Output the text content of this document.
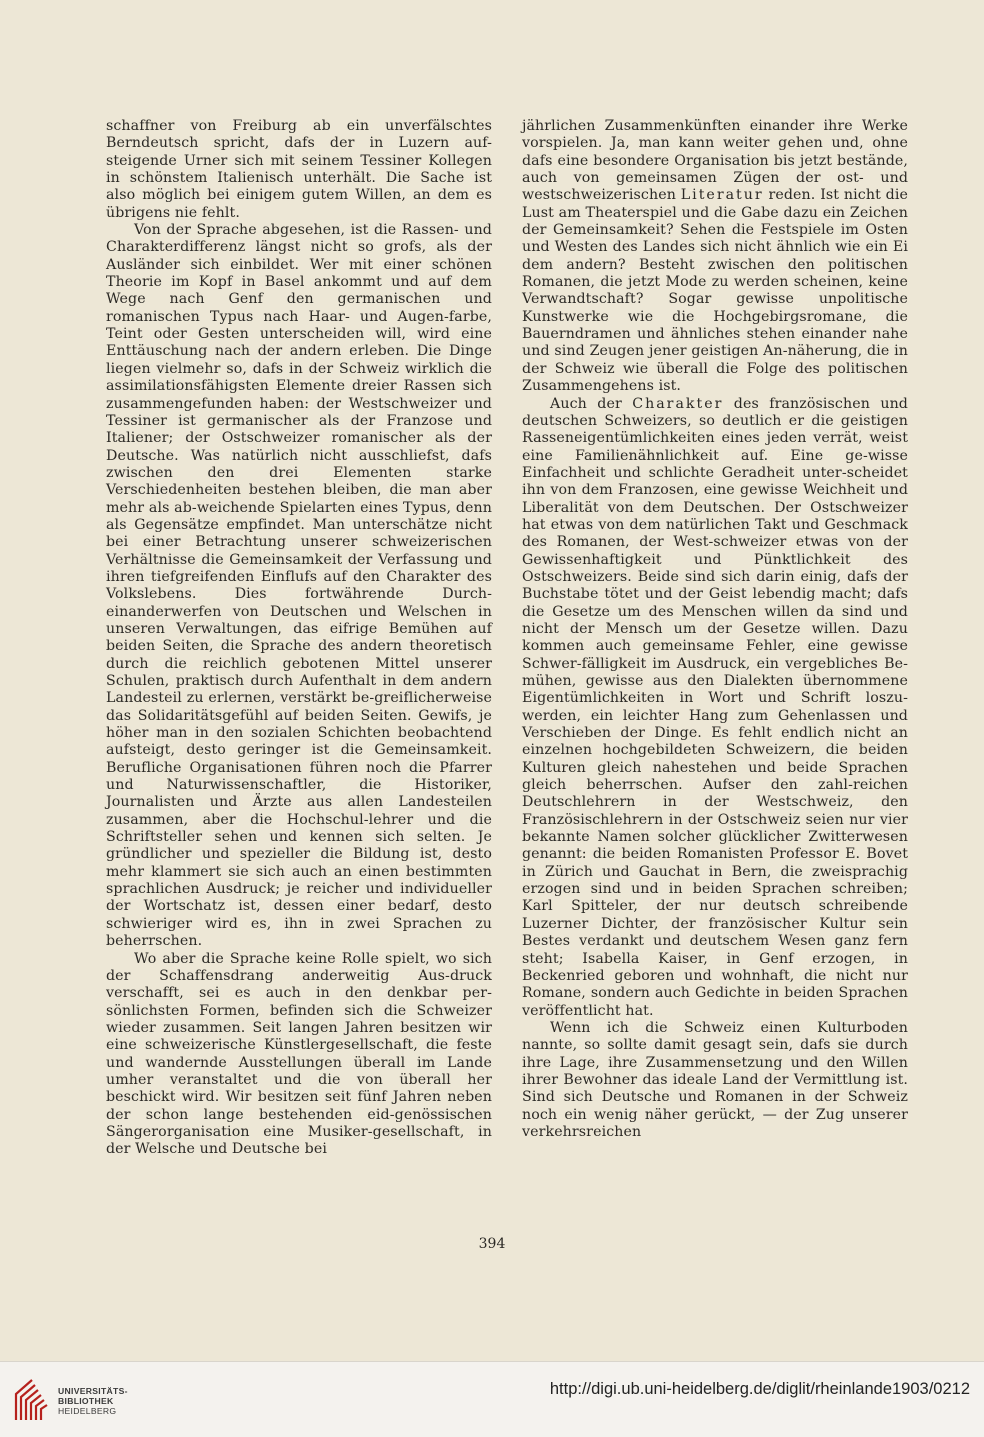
schaffner von Freiburg ab ein unverfälschtes Berndeutsch spricht, dafs der in Luzern auf-steigende Urner sich mit seinem Tessiner Kollegen in schönstem Italienisch unterhält. Die Sache ist also möglich bei einigem gutem Willen, an dem es übrigens nie fehlt.

Von der Sprache abgesehen, ist die Rassen- und Charakterdifferenz längst nicht so grofs, als der Ausländer sich einbildet. Wer mit einer schönen Theorie im Kopf in Basel ankommt und auf dem Wege nach Genf den germanischen und romanischen Typus nach Haar- und Augen-farbe, Teint oder Gesten unterscheiden will, wird eine Enttäuschung nach der andern erleben. Die Dinge liegen vielmehr so, dafs in der Schweiz wirklich die assimilationsfähigsten Elemente dreier Rassen sich zusammengefunden haben: der Westschweizer und Tessiner ist germanischer als der Franzose und Italiener; der Ostschweizer romanischer als der Deutsche. Was natürlich nicht ausschliefst, dafs zwischen den drei Elementen starke Verschiedenheiten bestehen bleiben, die man aber mehr als ab-weichende Spielarten eines Typus, denn als Gegensätze empfindet. Man unterschätze nicht bei einer Betrachtung unserer schweizerischen Verhältnisse die Gemeinsamkeit der Verfassung und ihren tiefgreifenden Einflufs auf den Charakter des Volkslebens. Dies fortwährende Durch-einanderwerfen von Deutschen und Welschen in unseren Verwaltungen, das eifrige Bemühen auf beiden Seiten, die Sprache des andern theoretisch durch die reichlich gebotenen Mittel unserer Schulen, praktisch durch Aufenthalt in dem andern Landesteil zu erlernen, verstärkt be-greiflicherweise das Solidaritätsgefühl auf beiden Seiten. Gewifs, je höher man in den sozialen Schichten beobachtend aufsteigt, desto geringer ist die Gemeinsamkeit. Berufliche Organisationen führen noch die Pfarrer und Naturwissenschaftler, die Historiker, Journalisten und Ärzte aus allen Landesteilen zusammen, aber die Hochschul-lehrer und die Schriftsteller sehen und kennen sich selten. Je gründlicher und spezieller die Bildung ist, desto mehr klammert sie sich auch an einen bestimmten sprachlichen Ausdruck; je reicher und individueller der Wortschatz ist, dessen einer bedarf, desto schwieriger wird es, ihn in zwei Sprachen zu beherrschen.

Wo aber die Sprache keine Rolle spielt, wo sich der Schaffensdrang anderweitig Aus-druck verschafft, sei es auch in den denkbar per-sönlichsten Formen, befinden sich die Schweizer wieder zusammen. Seit langen Jahren besitzen wir eine schweizerische Künstlergesellschaft, die feste und wandernde Ausstellungen überall im Lande umher veranstaltet und die von überall her beschickt wird. Wir besitzen seit fünf Jahren neben der schon lange bestehenden eid-genössischen Sängerorganisation eine Musiker-gesellschaft, in der Welsche und Deutsche bei

jährlichen Zusammenkünften einander ihre Werke vorspielen. Ja, man kann weiter gehen und, ohne dafs eine besondere Organisation bis jetzt bestände, auch von gemeinsamen Zügen der ost- und westschweizerischen Literatur reden. Ist nicht die Lust am Theaterspiel und die Gabe dazu ein Zeichen der Gemeinsamkeit? Sehen die Festspiele im Osten und Westen des Landes sich nicht ähnlich wie ein Ei dem andern? Besteht zwischen den politischen Romanen, die jetzt Mode zu werden scheinen, keine Verwandtschaft? Sogar gewisse unpolitische Kunstwerke wie die Hochgebirgsromane, die Bauerndramen und ähnliches stehen einander nahe und sind Zeugen jener geistigen An-näherung, die in der Schweiz wie überall die Folge des politischen Zusammengehens ist.

Auch der Charakter des französischen und deutschen Schweizers, so deutlich er die geistigen Rasseneigentümlichkeiten eines jeden verrät, weist eine Familienähnlichkeit auf. Eine ge-wisse Einfachheit und schlichte Geradheit unter-scheidet ihn von dem Franzosen, eine gewisse Weichheit und Liberalität von dem Deutschen. Der Ostschweizer hat etwas von dem natürlichen Takt und Geschmack des Romanen, der West-schweizer etwas von der Gewissenhaftigkeit und Pünktlichkeit des Ostschweizers. Beide sind sich darin einig, dafs der Buchstabe tötet und der Geist lebendig macht; dafs die Gesetze um des Menschen willen da sind und nicht der Mensch um der Gesetze willen. Dazu kommen auch gemeinsame Fehler, eine gewisse Schwer-fälligkeit im Ausdruck, ein vergebliches Be-mühen, gewisse aus den Dialekten übernommene Eigentümlichkeiten in Wort und Schrift loszu-werden, ein leichter Hang zum Gehenlassen und Verschieben der Dinge. Es fehlt endlich nicht an einzelnen hochgebildeten Schweizern, die beiden Kulturen gleich nahestehen und beide Sprachen gleich beherrschen. Aufser den zahl-reichen Deutschlehrern in der Westschweiz, den Französischlehrern in der Ostschweiz seien nur vier bekannte Namen solcher glücklicher Zwitterwesen genannt: die beiden Romanisten Professor E. Bovet in Zürich und Gauchat in Bern, die zweisprachig erzogen sind und in beiden Sprachen schreiben; Karl Spitteler, der nur deutsch schreibende Luzerner Dichter, der französischer Kultur sein Bestes verdankt und deutschem Wesen ganz fern steht; Isabella Kaiser, in Genf erzogen, in Beckenried geboren und wohnhaft, die nicht nur Romane, sondern auch Gedichte in beiden Sprachen veröffentlicht hat.

Wenn ich die Schweiz einen Kulturboden nannte, so sollte damit gesagt sein, dafs sie durch ihre Lage, ihre Zusammensetzung und den Willen ihrer Bewohner das ideale Land der Vermittlung ist. Sind sich Deutsche und Romanen in der Schweiz noch ein wenig näher gerückt, — der Zug unserer verkehrsreichen

394
UNIVERSITÄTS-
BIBLIOTHEK
HEIDELBERG
http://digi.ub.uni-heidelberg.de/diglit/rheinlande1903/0212
